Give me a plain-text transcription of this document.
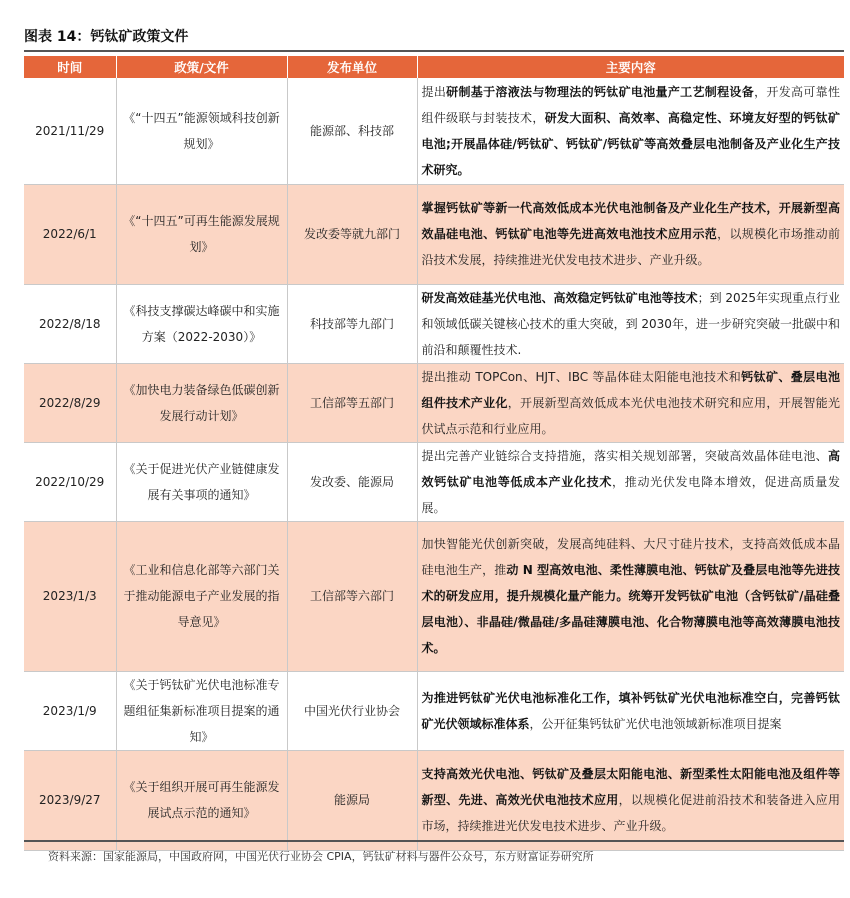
图表 14：钙钛矿政策文件
时间	政策/文件	发布单位	主要内容
2021/11/29	《“十四五”能源领域科技创新规划》	能源部、科技部	提出研制基于溶液法与物理法的钙钛矿电池量产工艺制程设备，开发高可靠性组件级联与封装技术，研发大面积、高效率、高稳定性、环境友好型的钙钛矿电池;开展晶体硅/钙钛矿、钙钛矿/钙钛矿等高效叠层电池制备及产业化生产技术研究。
2022/6/1	《“十四五”可再生能源发展规划》	发改委等就九部门	掌握钙钛矿等新一代高效低成本光伏电池制备及产业化生产技术，开展新型高效晶硅电池、钙钛矿电池等先进高效电池技术应用示范，以规模化市场推动前沿技术发展，持续推进光伏发电技术进步、产业升级。
2022/8/18	《科技支撑碳达峰碳中和实施方案（2022-2030）》	科技部等九部门	研发高效硅基光伏电池、高效稳定钙钛矿电池等技术；到 2025年实现重点行业和领域低碳关键核心技术的重大突破，到 2030年，进一步研究突破一批碳中和前沿和颠覆性技术.
2022/8/29	《加快电力装备绿色低碳创新发展行动计划》	工信部等五部门	提出推动 TOPCon、HJT、IBC 等晶体硅太阳能电池技术和钙钛矿、叠层电池组件技术产业化，开展新型高效低成本光伏电池技术研究和应用，开展智能光伏试点示范和行业应用。
2022/10/29	《关于促进光伏产业链健康发展有关事项的通知》	发改委、能源局	提出完善产业链综合支持措施，落实相关规划部署，突破高效晶体硅电池、高效钙钛矿电池等低成本产业化技术，推动光伏发电降本增效，促进高质量发展。
2023/1/3	《工业和信息化部等六部门关于推动能源电子产业发展的指导意见》	工信部等六部门	加快智能光伏创新突破，发展高纯硅料、大尺寸硅片技术，支持高效低成本晶硅电池生产，推动 N 型高效电池、柔性薄膜电池、钙钛矿及叠层电池等先进技术的研发应用，提升规模化量产能力。统筹开发钙钛矿电池（含钙钛矿/晶硅叠层电池）、非晶硅/微晶硅/多晶硅薄膜电池、化合物薄膜电池等高效薄膜电池技术。
2023/1/9	《关于钙钛矿光伏电池标准专题组征集新标准项目提案的通知》	中国光伏行业协会	为推进钙钛矿光伏电池标准化工作，填补钙钛矿光伏电池标准空白，完善钙钛矿光伏领域标准体系，公开征集钙钛矿光伏电池领域新标准项目提案
2023/9/27	《关于组织开展可再生能源发展试点示范的通知》	能源局	支持高效光伏电池、钙钛矿及叠层太阳能电池、新型柔性太阳能电池及组件等新型、先进、高效光伏电池技术应用，以规模化促进前沿技术和装备进入应用市场，持续推进光伏发电技术进步、产业升级。
资料来源：国家能源局，中国政府网，中国光伏行业协会 CPIA，钙钛矿材料与器件公众号，东方财富证券研究所
